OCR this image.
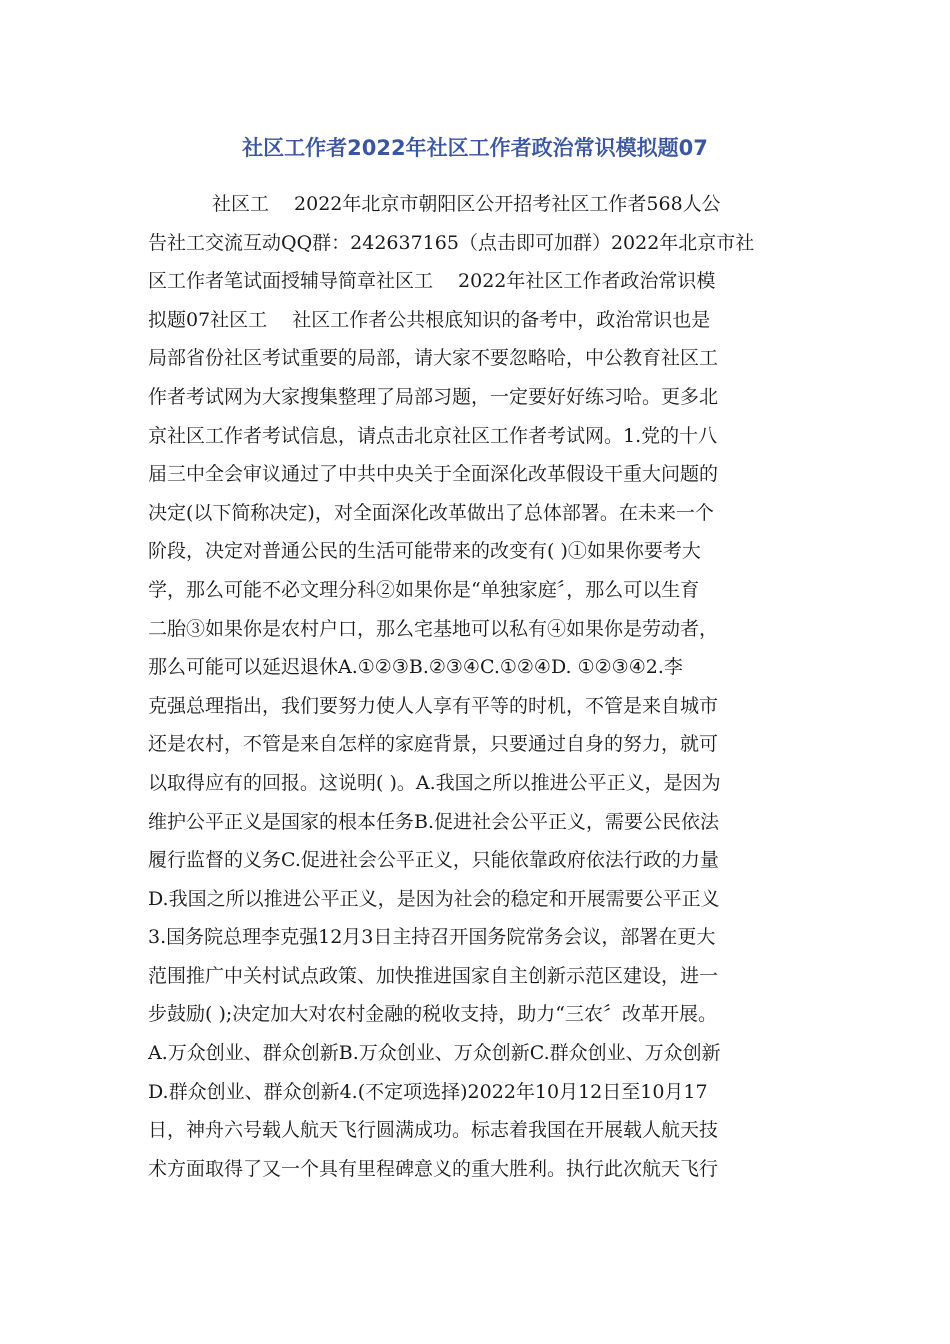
社区工作者2022年社区工作者政治常识模拟题07
社区工　 2022年北京市朝阳区公开招考社区工作者568人公
告社工交流互动QQ群：242637165（点击即可加群）2022年北京市社
区工作者笔试面授辅导简章社区工　 2022年社区工作者政治常识模
拟题07社区工　 社区工作者公共根底知识的备考中，政治常识也是
局部省份社区考试重要的局部，请大家不要忽略哈，中公教育社区工
作者考试网为大家搜集整理了局部习题，一定要好好练习哈。更多北
京社区工作者考试信息，请点击北京社区工作者考试网。1.党的十八
届三中全会审议通过了中共中央关于全面深化改革假设干重大问题的
决定(以下简称决定)，对全面深化改革做出了总体部署。在未来一个
阶段，决定对普通公民的生活可能带来的改变有( )①如果你要考大
学，那么可能不必文理分科②如果你是“单独家庭〞，那么可以生育
二胎③如果你是农村户口，那么宅基地可以私有④如果你是劳动者，
那么可能可以延迟退休A.①②③B.②③④C.①②④D. ①②③④2.李
克强总理指出，我们要努力使人人享有平等的时机，不管是来自城市
还是农村，不管是来自怎样的家庭背景，只要通过自身的努力，就可
以取得应有的回报。这说明( )。A.我国之所以推进公平正义，是因为
维护公平正义是国家的根本任务B.促进社会公平正义，需要公民依法
履行监督的义务C.促进社会公平正义，只能依靠政府依法行政的力量
D.我国之所以推进公平正义，是因为社会的稳定和开展需要公平正义
3.国务院总理李克强12月3日主持召开国务院常务会议，部署在更大
范围推广中关村试点政策、加快推进国家自主创新示范区建设，进一
步鼓励( );决定加大对农村金融的税收支持，助力“三农〞改革开展。
A.万众创业、群众创新B.万众创业、万众创新C.群众创业、万众创新
D.群众创业、群众创新4.(不定项选择)2022年10月12日至10月17
日，神舟六号载人航天飞行圆满成功。标志着我国在开展载人航天技
术方面取得了又一个具有里程碑意义的重大胜利。执行此次航天飞行
